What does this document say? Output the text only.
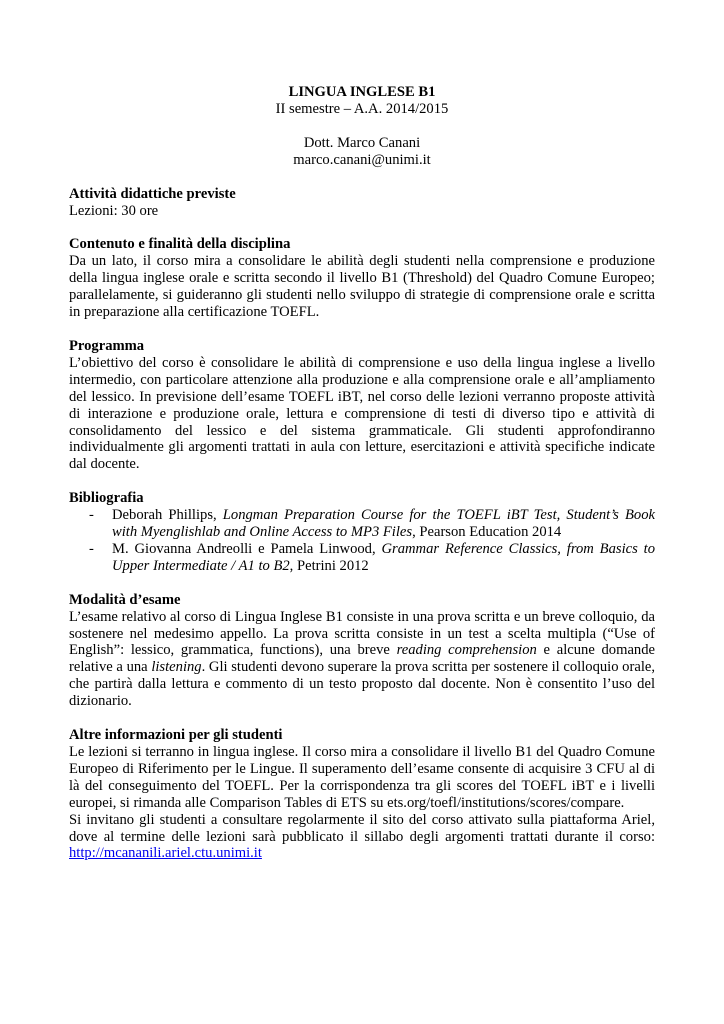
LINGUA INGLESE B1
II semestre – A.A. 2014/2015
Dott. Marco Canani
marco.canani@unimi.it
Attività didattiche previste
Lezioni: 30 ore
Contenuto e finalità della disciplina
Da un lato, il corso mira a consolidare le abilità degli studenti nella comprensione e produzione della lingua inglese orale e scritta secondo il livello B1 (Threshold) del Quadro Comune Europeo; parallelamente, si guideranno gli studenti nello sviluppo di strategie di comprensione orale e scritta in preparazione alla certificazione TOEFL.
Programma
L’obiettivo del corso è consolidare le abilità di comprensione e uso della lingua inglese a livello intermedio, con particolare attenzione alla produzione e alla comprensione orale e all’ampliamento del lessico. In previsione dell’esame TOEFL iBT, nel corso delle lezioni verranno proposte attività di interazione e produzione orale, lettura e comprensione di testi di diverso tipo e attività di consolidamento del lessico e del sistema grammaticale. Gli studenti approfondiranno individualmente gli argomenti trattati in aula con letture, esercitazioni e attività specifiche indicate dal docente.
Bibliografia
- Deborah Phillips, Longman Preparation Course for the TOEFL iBT Test, Student’s Book with Myenglishlab and Online Access to MP3 Files, Pearson Education 2014
- M. Giovanna Andreolli e Pamela Linwood, Grammar Reference Classics, from Basics to Upper Intermediate / A1 to B2, Petrini 2012
Modalità d’esame
L’esame relativo al corso di Lingua Inglese B1 consiste in una prova scritta e un breve colloquio, da sostenere nel medesimo appello. La prova scritta consiste in un test a scelta multipla (“Use of English”: lessico, grammatica, functions), una breve reading comprehension e alcune domande relative a una listening. Gli studenti devono superare la prova scritta per sostenere il colloquio orale, che partirà dalla lettura e commento di un testo proposto dal docente. Non è consentito l’uso del dizionario.
Altre informazioni per gli studenti
Le lezioni si terranno in lingua inglese. Il corso mira a consolidare il livello B1 del Quadro Comune Europeo di Riferimento per le Lingue. Il superamento dell’esame consente di acquisire 3 CFU al di là del conseguimento del TOEFL. Per la corrispondenza tra gli scores del TOEFL iBT e i livelli europei, si rimanda alle Comparison Tables di ETS su ets.org/toefl/institutions/scores/compare.
Si invitano gli studenti a consultare regolarmente il sito del corso attivato sulla piattaforma Ariel, dove al termine delle lezioni sarà pubblicato il sillabo degli argomenti trattati durante il corso: http://mcananili.ariel.ctu.unimi.it
